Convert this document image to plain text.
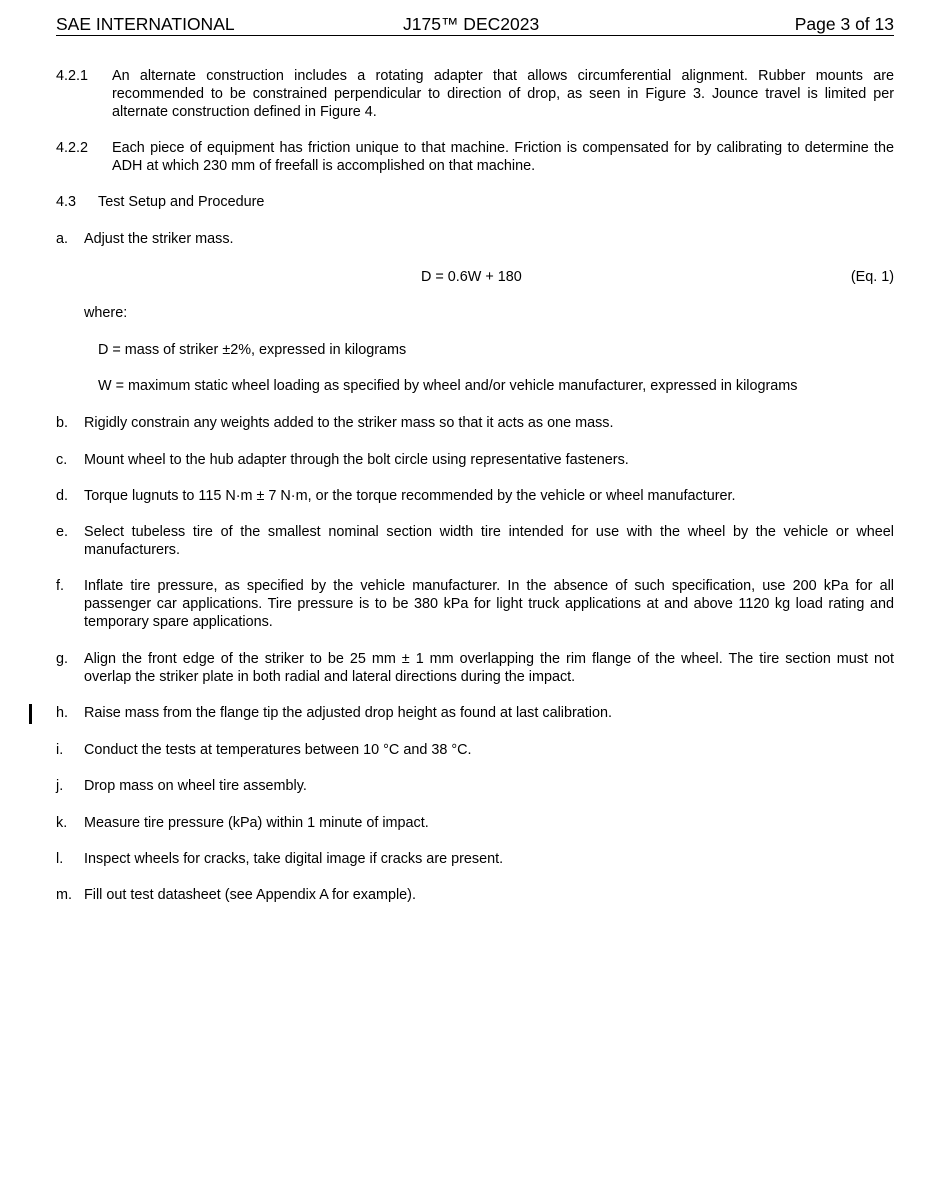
SAE INTERNATIONAL	J175™ DEC2023	Page 3 of 13
4.2.1 An alternate construction includes a rotating adapter that allows circumferential alignment. Rubber mounts are recommended to be constrained perpendicular to direction of drop, as seen in Figure 3. Jounce travel is limited per alternate construction defined in Figure 4.
4.2.2 Each piece of equipment has friction unique to that machine. Friction is compensated for by calibrating to determine the ADH at which 230 mm of freefall is accomplished on that machine.
4.3 Test Setup and Procedure
a. Adjust the striker mass.
D = 0.6W + 180	(Eq. 1)
where:
D = mass of striker ±2%, expressed in kilograms
W = maximum static wheel loading as specified by wheel and/or vehicle manufacturer, expressed in kilograms
b. Rigidly constrain any weights added to the striker mass so that it acts as one mass.
c. Mount wheel to the hub adapter through the bolt circle using representative fasteners.
d. Torque lugnuts to 115 N·m ± 7 N·m, or the torque recommended by the vehicle or wheel manufacturer.
e. Select tubeless tire of the smallest nominal section width tire intended for use with the wheel by the vehicle or wheel manufacturers.
f. Inflate tire pressure, as specified by the vehicle manufacturer. In the absence of such specification, use 200 kPa for all passenger car applications. Tire pressure is to be 380 kPa for light truck applications at and above 1120 kg load rating and temporary spare applications.
g. Align the front edge of the striker to be 25 mm ± 1 mm overlapping the rim flange of the wheel. The tire section must not overlap the striker plate in both radial and lateral directions during the impact.
h. Raise mass from the flange tip the adjusted drop height as found at last calibration.
i. Conduct the tests at temperatures between 10 °C and 38 °C.
j. Drop mass on wheel tire assembly.
k. Measure tire pressure (kPa) within 1 minute of impact.
l. Inspect wheels for cracks, take digital image if cracks are present.
m. Fill out test datasheet (see Appendix A for example).
